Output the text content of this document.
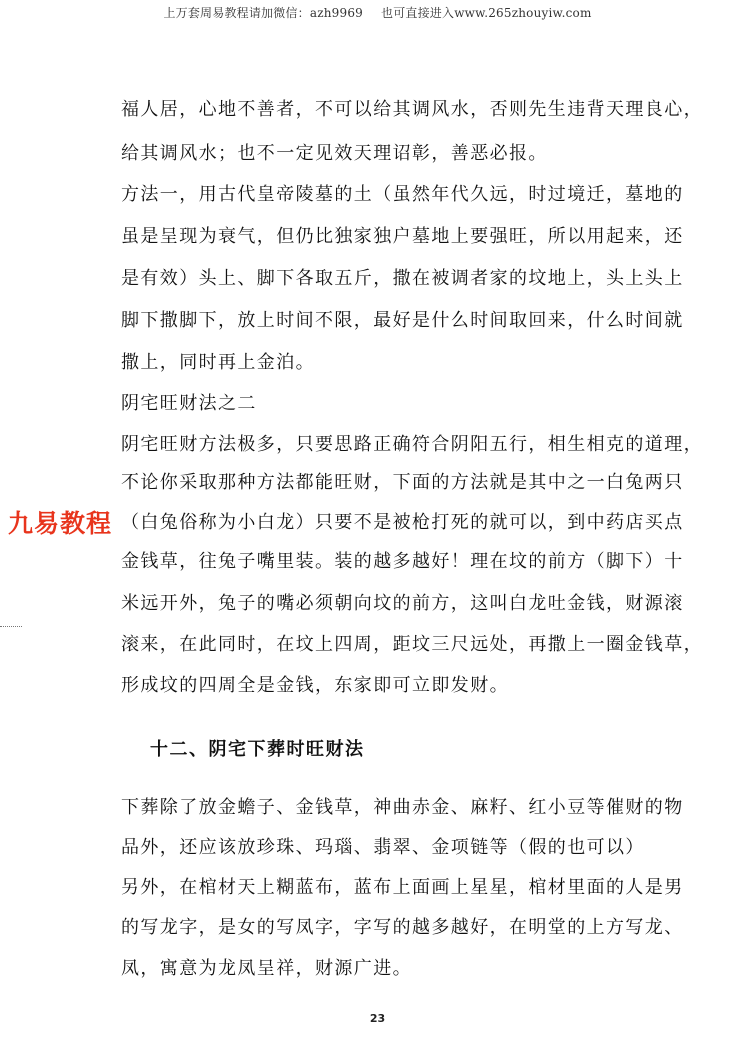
上万套周易教程请加微信：azh9969 也可直接进入www.265zhouyiw.com
福人居，心地不善者，不可以给其调风水，否则先生违背天理良心，
给其调风水；也不一定见效天理诏彰，善恶必报。
方法一，用古代皇帝陵墓的土（虽然年代久远，时过境迁，墓地的
虽是呈现为衰气，但仍比独家独户墓地上要强旺，所以用起来，还
是有效）头上、脚下各取五斤，撒在被调者家的坟地上，头上头上
脚下撒脚下，放上时间不限，最好是什么时间取回来，什么时间就
撒上，同时再上金泊。
阴宅旺财法之二
阴宅旺财方法极多，只要思路正确符合阴阳五行，相生相克的道理，
不论你采取那种方法都能旺财，下面的方法就是其中之一白兔两只
（白兔俗称为小白龙）只要不是被枪打死的就可以，到中药店买点
金钱草，往兔子嘴里装。装的越多越好！理在坟的前方（脚下）十
米远开外，兔子的嘴必须朝向坟的前方，这叫白龙吐金钱，财源滚
滚来，在此同时，在坟上四周，距坟三尺远处，再撒上一圈金钱草，
形成坟的四周全是金钱，东家即可立即发财。
十二、阴宅下葬时旺财法
下葬除了放金蟾子、金钱草，神曲赤金、麻籽、红小豆等催财的物
品外，还应该放珍珠、玛瑙、翡翠、金项链等（假的也可以）
另外，在棺材天上糊蓝布，蓝布上面画上星星，棺材里面的人是男
的写龙字，是女的写凤字，字写的越多越好，在明堂的上方写龙、
凤，寓意为龙凤呈祥，财源广进。
九易教程
23
